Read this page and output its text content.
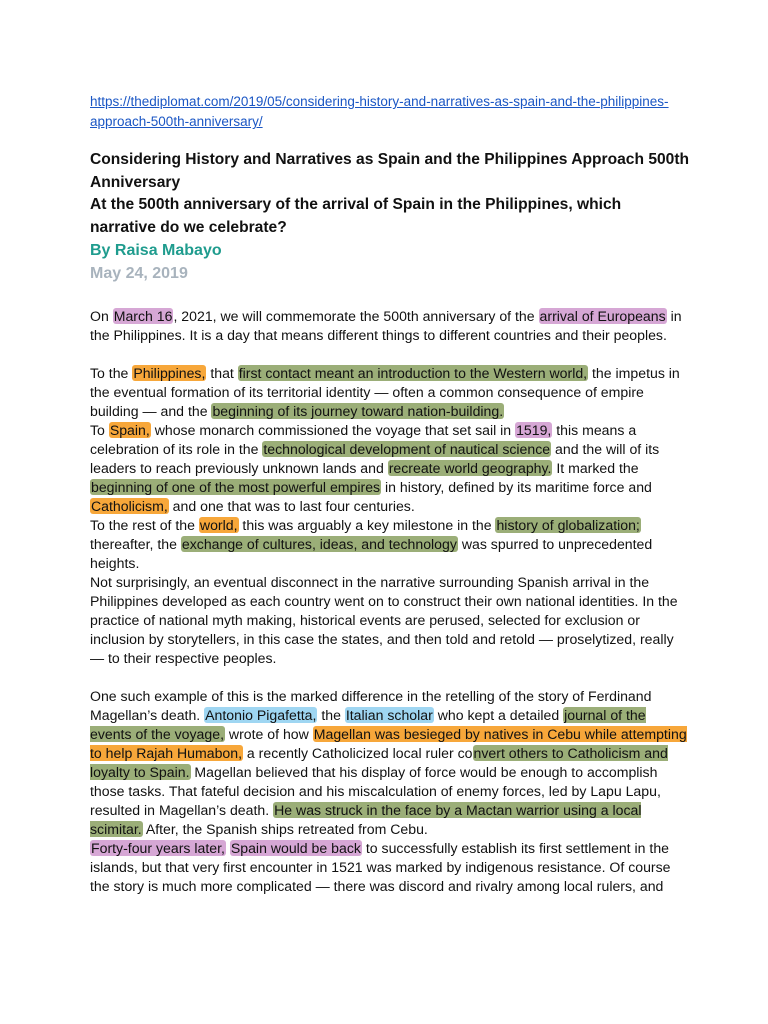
https://thediplomat.com/2019/05/considering-history-and-narratives-as-spain-and-the-philippines-approach-500th-anniversary/

Considering History and Narratives as Spain and the Philippines Approach 500th Anniversary

At the 500th anniversary of the arrival of Spain in the Philippines, which narrative do we celebrate?

By Raisa Mabayo

May 24, 2019

On March 16, 2021, we will commemorate the 500th anniversary of the arrival of Europeans in the Philippines. It is a day that means different things to different countries and their peoples.

To the Philippines, that first contact meant an introduction to the Western world, the impetus in the eventual formation of its territorial identity — often a common consequence of empire building — and the beginning of its journey toward nation-building.

To Spain, whose monarch commissioned the voyage that set sail in 1519, this means a celebration of its role in the technological development of nautical science and the will of its leaders to reach previously unknown lands and recreate world geography. It marked the beginning of one of the most powerful empires in history, defined by its maritime force and Catholicism, and one that was to last four centuries.

To the rest of the world, this was arguably a key milestone in the history of globalization; thereafter, the exchange of cultures, ideas, and technology was spurred to unprecedented heights.

Not surprisingly, an eventual disconnect in the narrative surrounding Spanish arrival in the Philippines developed as each country went on to construct their own national identities. In the practice of national myth making, historical events are perused, selected for exclusion or inclusion by storytellers, in this case the states, and then told and retold — proselytized, really — to their respective peoples.

One such example of this is the marked difference in the retelling of the story of Ferdinand Magellan’s death. Antonio Pigafetta, the Italian scholar who kept a detailed journal of the events of the voyage, wrote of how Magellan was besieged by natives in Cebu while attempting to help Rajah Humabon, a recently Catholicized local ruler convert others to Catholicism and loyalty to Spain. Magellan believed that his display of force would be enough to accomplish those tasks. That fateful decision and his miscalculation of enemy forces, led by Lapu Lapu, resulted in Magellan’s death. He was struck in the face by a Mactan warrior using a local scimitar. After, the Spanish ships retreated from Cebu.

Forty-four years later, Spain would be back to successfully establish its first settlement in the islands, but that very first encounter in 1521 was marked by indigenous resistance. Of course the story is much more complicated — there was discord and rivalry among local rulers, and
